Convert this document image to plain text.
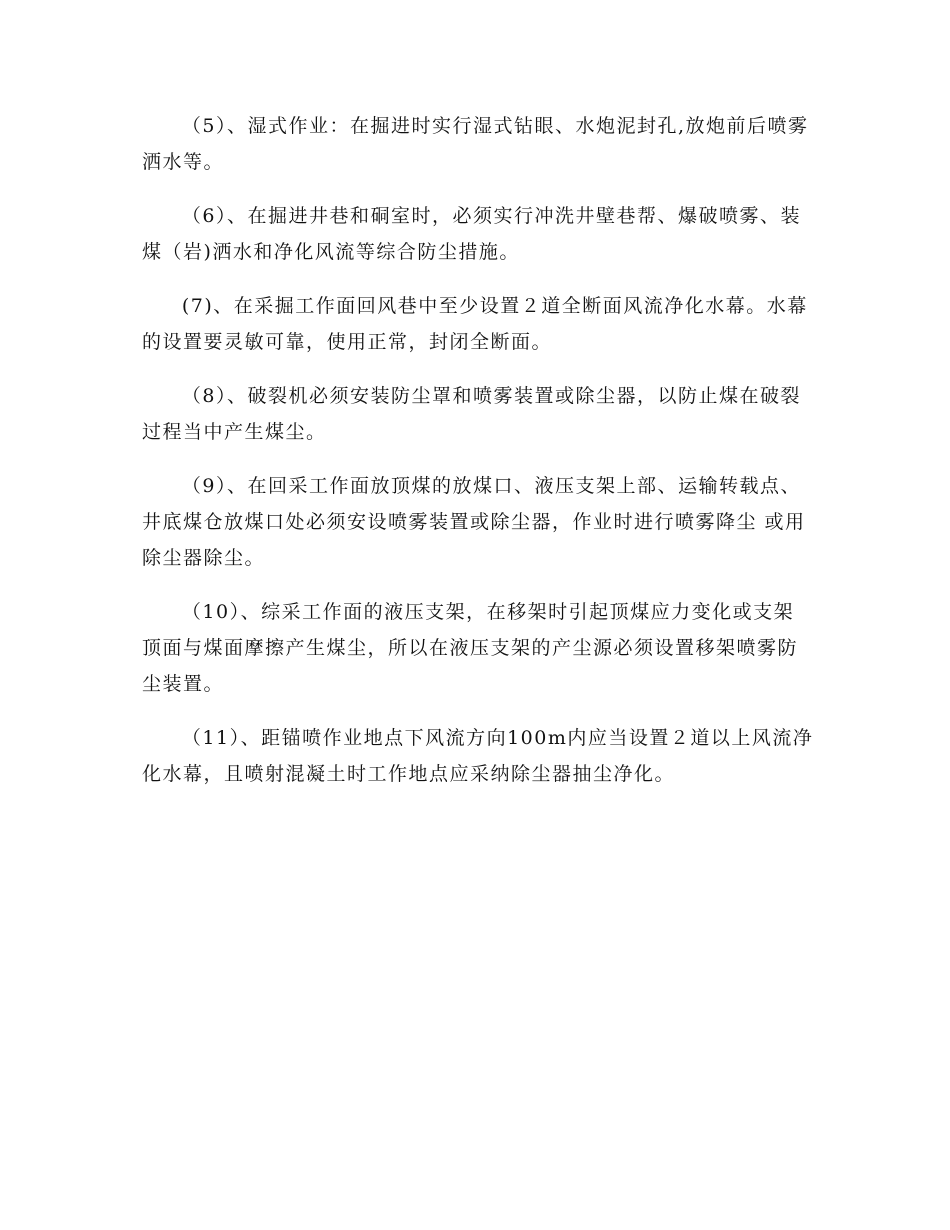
（5）、湿式作业：在掘进时实行湿式钻眼、水炮泥封孔,放炮前后喷雾洒水等。

（6）、在掘进井巷和硐室时，必须实行冲洗井壁巷帮、爆破喷雾、装煤（岩)洒水和净化风流等综合防尘措施。

(7)、在采掘工作面回风巷中至少设置２道全断面风流净化水幕。水幕的设置要灵敏可靠，使用正常，封闭全断面。

（8）、破裂机必须安装防尘罩和喷雾装置或除尘器，以防止煤在破裂过程当中产生煤尘。

（9）、在回采工作面放顶煤的放煤口、液压支架上部、运输转载点、 井底煤仓放煤口处必须安设喷雾装置或除尘器，作业时进行喷雾降尘 或用除尘器除尘。

（10）、综采工作面的液压支架，在移架时引起顶煤应力变化或支架顶面与煤面摩擦产生煤尘，所以在液压支架的产尘源必须设置移架喷雾防尘装置。

（11）、距锚喷作业地点下风流方向100m内应当设置２道以上风流净化水幕，且喷射混凝土时工作地点应采纳除尘器抽尘净化。
